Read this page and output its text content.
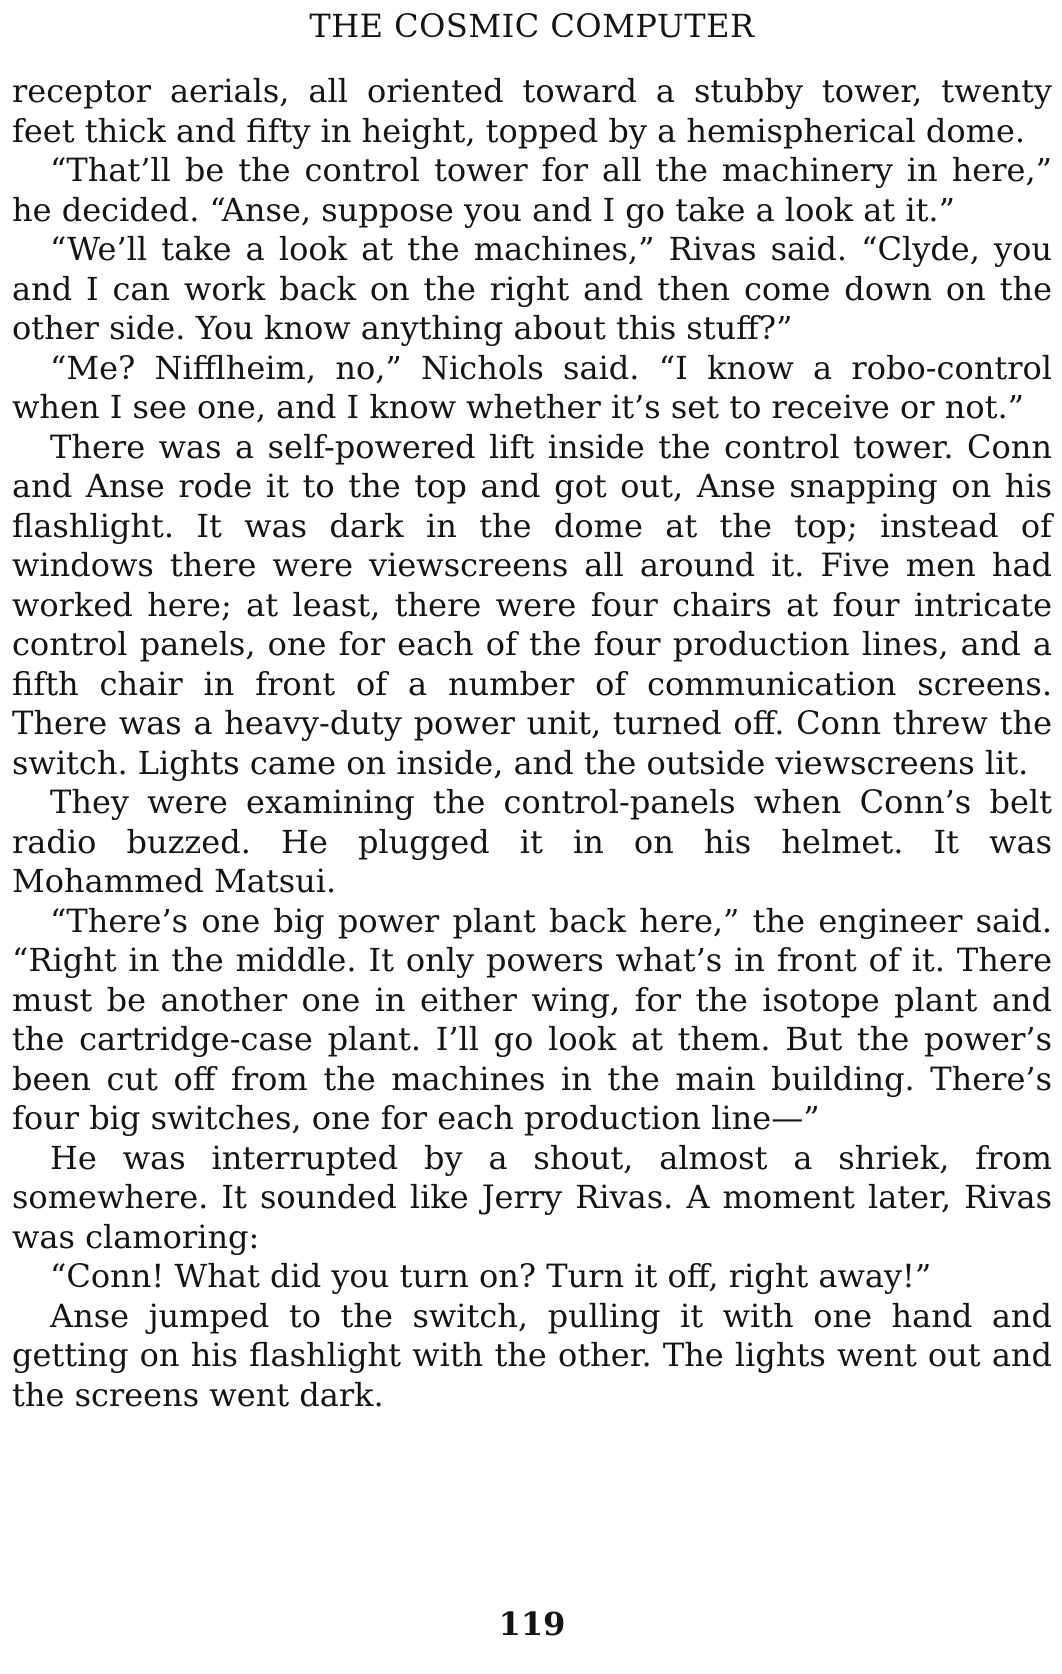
THE COSMIC COMPUTER

receptor aerials, all oriented toward a stubby tower, twenty feet thick and fifty in height, topped by a hemispherical dome.

“That’ll be the control tower for all the machinery in here,” he decided. “Anse, suppose you and I go take a look at it.”

“We’ll take a look at the machines,” Rivas said. “Clyde, you and I can work back on the right and then come down on the other side. You know anything about this stuff?”

“Me? Nifflheim, no,” Nichols said. “I know a robo-control when I see one, and I know whether it’s set to receive or not.”

There was a self-powered lift inside the control tower. Conn and Anse rode it to the top and got out, Anse snapping on his flashlight. It was dark in the dome at the top; instead of windows there were viewscreens all around it. Five men had worked here; at least, there were four chairs at four intricate control panels, one for each of the four production lines, and a fifth chair in front of a number of communication screens. There was a heavy-duty power unit, turned off. Conn threw the switch. Lights came on inside, and the outside viewscreens lit.

They were examining the control-panels when Conn’s belt radio buzzed. He plugged it in on his helmet. It was Mohammed Matsui.

“There’s one big power plant back here,” the engineer said. “Right in the middle. It only powers what’s in front of it. There must be another one in either wing, for the isotope plant and the cartridge-case plant. I’ll go look at them. But the power’s been cut off from the machines in the main building. There’s four big switches, one for each production line—”

He was interrupted by a shout, almost a shriek, from somewhere. It sounded like Jerry Rivas. A moment later, Rivas was clamoring:

“Conn! What did you turn on? Turn it off, right away!”

Anse jumped to the switch, pulling it with one hand and getting on his flashlight with the other. The lights went out and the screens went dark.

119
